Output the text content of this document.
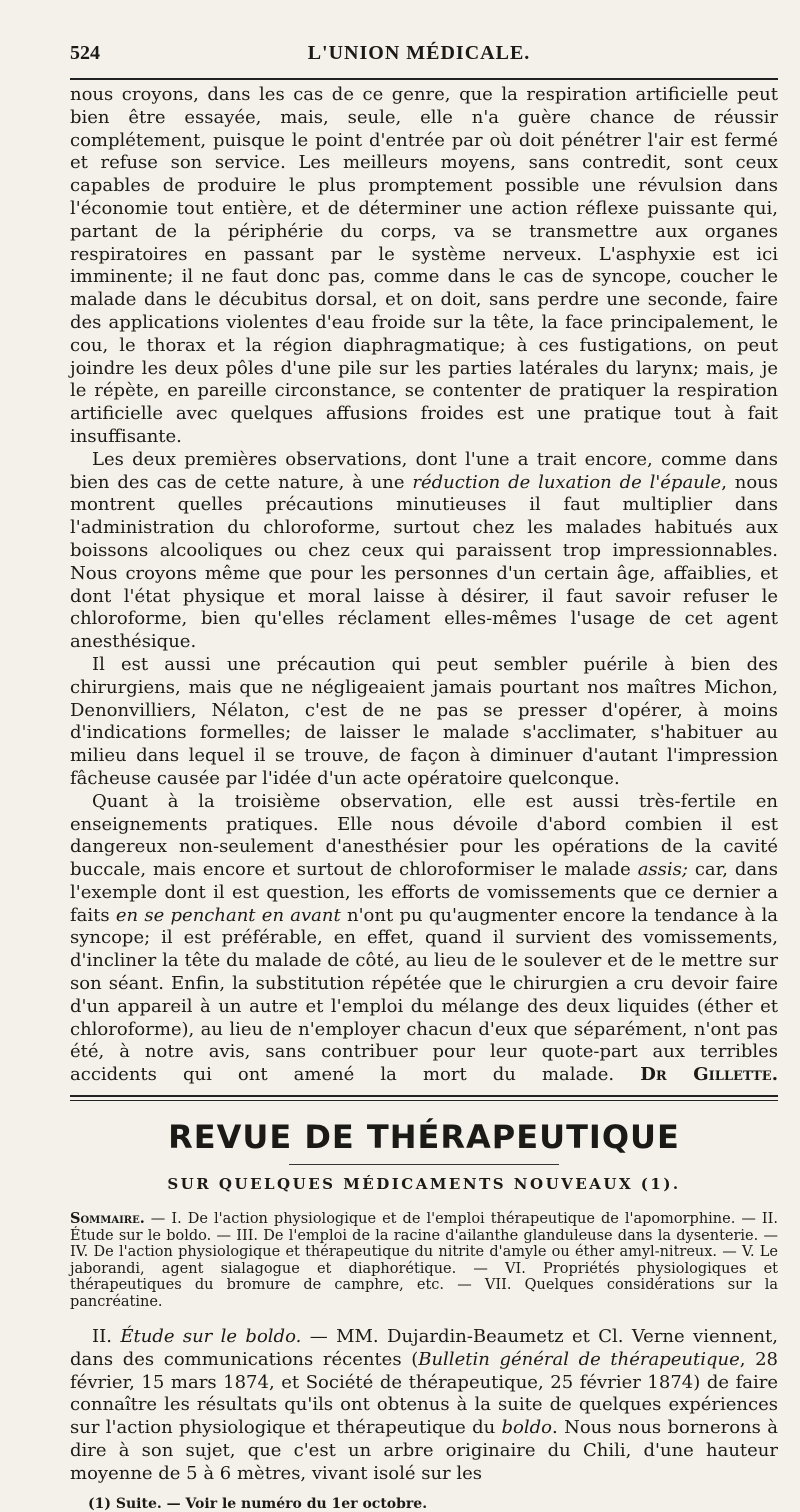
524	L'UNION MÉDICALE.

nous croyons, dans les cas de ce genre, que la respiration artificielle peut bien être essayée, mais, seule, elle n'a guère chance de réussir complétement, puisque le point d'entrée par où doit pénétrer l'air est fermé et refuse son service. Les meilleurs moyens, sans contredit, sont ceux capables de produire le plus promptement possible une révulsion dans l'économie tout entière, et de déterminer une action réflexe puissante qui, partant de la périphérie du corps, va se transmettre aux organes respiratoires en passant par le système nerveux. L'asphyxie est ici imminente; il ne faut donc pas, comme dans le cas de syncope, coucher le malade dans le décubitus dorsal, et on doit, sans perdre une seconde, faire des applications violentes d'eau froide sur la tête, la face principalement, le cou, le thorax et la région diaphragmatique; à ces fustigations, on peut joindre les deux pôles d'une pile sur les parties latérales du larynx; mais, je le répète, en pareille circonstance, se contenter de pratiquer la respiration artificielle avec quelques affusions froides est une pratique tout à fait insuffisante.

Les deux premières observations, dont l'une a trait encore, comme dans bien des cas de cette nature, à une réduction de luxation de l'épaule, nous montrent quelles précautions minutieuses il faut multiplier dans l'administration du chloroforme, surtout chez les malades habitués aux boissons alcooliques ou chez ceux qui paraissent trop impressionnables. Nous croyons même que pour les personnes d'un certain âge, affaiblies, et dont l'état physique et moral laisse à désirer, il faut savoir refuser le chloroforme, bien qu'elles réclament elles-mêmes l'usage de cet agent anesthésique.

Il est aussi une précaution qui peut sembler puérile à bien des chirurgiens, mais que ne négligeaient jamais pourtant nos maîtres Michon, Denonvilliers, Nélaton, c'est de ne pas se presser d'opérer, à moins d'indications formelles; de laisser le malade s'acclimater, s'habituer au milieu dans lequel il se trouve, de façon à diminuer d'autant l'impression fâcheuse causée par l'idée d'un acte opératoire quelconque.

Quant à la troisième observation, elle est aussi très-fertile en enseignements pratiques. Elle nous dévoile d'abord combien il est dangereux non-seulement d'anesthésier pour les opérations de la cavité buccale, mais encore et surtout de chloroformiser le malade assis; car, dans l'exemple dont il est question, les efforts de vomissements que ce dernier a faits en se penchant en avant n'ont pu qu'augmenter encore la tendance à la syncope; il est préférable, en effet, quand il survient des vomissements, d'incliner la tête du malade de côté, au lieu de le soulever et de le mettre sur son séant. Enfin, la substitution répétée que le chirurgien a cru devoir faire d'un appareil à un autre et l'emploi du mélange des deux liquides (éther et chloroforme), au lieu de n'employer chacun d'eux que séparément, n'ont pas été, à notre avis, sans contribuer pour leur quote-part aux terribles accidents qui ont amené la mort du malade. Dr Gillette.

REVUE DE THÉRAPEUTIQUE
SUR QUELQUES MÉDICAMENTS NOUVEAUX (1).
Sommaire. — I. De l'action physiologique et de l'emploi thérapeutique de l'apomorphine. — II. Étude sur le boldo. — III. De l'emploi de la racine d'ailanthe glanduleuse dans la dysenterie. — IV. De l'action physiologique et thérapeutique du nitrite d'amyle ou éther amyl-nitreux. — V. Le jaborandi, agent sialagogue et diaphorétique. — VI. Propriétés physiologiques et thérapeutiques du bromure de camphre, etc. — VII. Quelques considérations sur la pancréatine.

II. Étude sur le boldo. — MM. Dujardin-Beaumetz et Cl. Verne viennent, dans des communications récentes (Bulletin général de thérapeutique, 28 février, 15 mars 1874, et Société de thérapeutique, 25 février 1874) de faire connaître les résultats qu'ils ont obtenus à la suite de quelques expériences sur l'action physiologique et thérapeutique du boldo. Nous nous bornerons à dire à son sujet, que c'est un arbre originaire du Chili, d'une hauteur moyenne de 5 à 6 mètres, vivant isolé sur les

(1) Suite. — Voir le numéro du 1er octobre.
